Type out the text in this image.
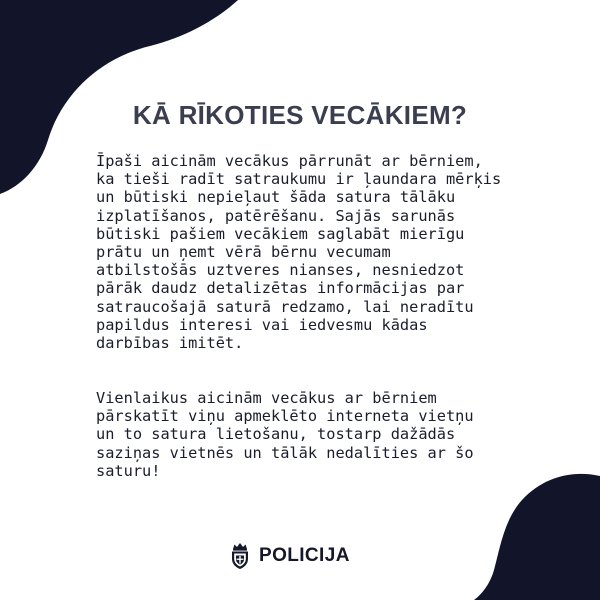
KĀ RĪKOTIES VECĀKIEM?

Īpaši aicinām vecākus pārrunāt ar bērniem,
ka tieši radīt satraukumu ir ļaundara mērķis
un būtiski nepieļaut šāda satura tālāku
izplatīšanos, patērēšanu. Sajās sarunās
būtiski pašiem vecākiem saglabāt mierīgu
prātu un ņemt vērā bērnu vecumam
atbilstošās uztveres nianses, nesniedzot
pārāk daudz detalizētas informācijas par
satraucošajā saturā redzamo, lai neradītu
papildus interesi vai iedvesmu kādas
darbības imitēt.

Vienlaikus aicinām vecākus ar bērniem
pārskatīt viņu apmeklēto interneta vietņu
un to satura lietošanu, tostarp dažādās
saziņas vietnēs un tālāk nedalīties ar šo
saturu!

POLICIJA
